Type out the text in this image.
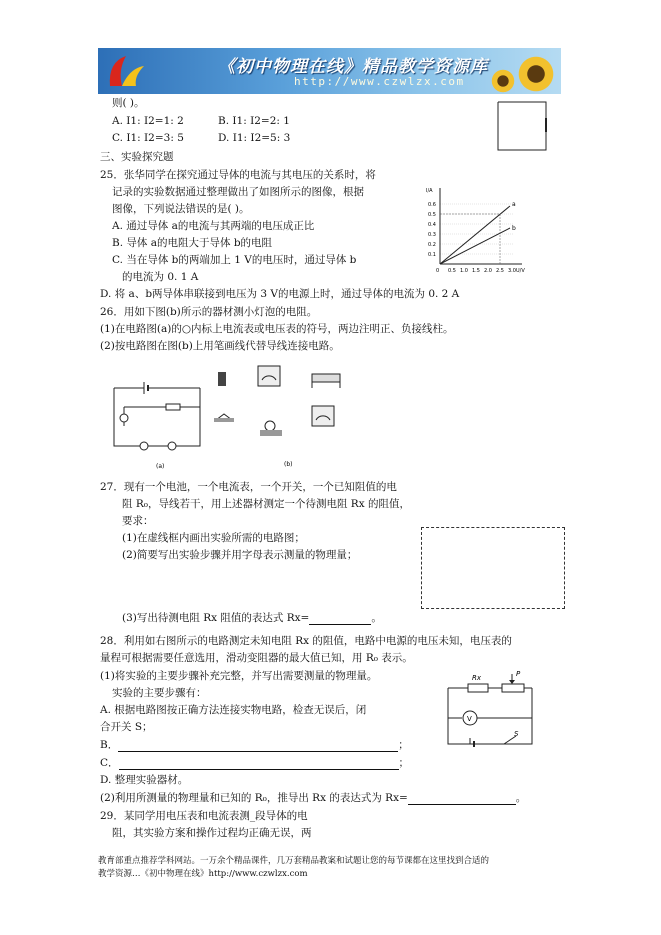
《初中物理在线》精品教学资源库
http://www.czwlzx.com
则( )。
A. I1: I2=1: 2	B. I1: I2=2: 1
C. I1: I2=3: 5	D. I1: I2=5: 3
三、实验探究题
25．张华同学在探究通过导体的电流与其电压的关系时，将
记录的实验数据通过整理做出了如图所示的图像，根据
图像，下列说法错误的是( )。
A. 通过导体 a的电流与其两端的电压成正比
B. 导体 a的电阻大于导体 b的电阻
C. 当在导体 b的两端加上 1 V的电压时，通过导体 b
的电流为 0. 1 A
D. 将 a、b两导体串联接到电压为 3 V的电源上时，通过导体的电流为 0. 2 A
I/A
U/V
0.6
0.5
0.4
0.3
0.2
0.1
0 0.5 1.0 1.5 2.0 2.5 3.0
a
b
26．用如下图(b)所示的器材测小灯泡的电阻。
(1)在电路图(a)的○内标上电流表或电压表的符号，两边注明正、负接线柱。
(2)按电路图在图(b)上用笔画线代替导线连接电路。
(a)	(b)
27．现有一个电池，一个电流表，一个开关，一个已知阻值的电
阻 R₀，导线若干，用上述器材测定一个待测电阻 Rx 的阻值，
要求：
(1)在虚线框内画出实验所需的电路图；
(2)简要写出实验步骤并用字母表示测量的物理量；
(3)写出待测电阻 Rx 阻值的表达式 Rx=	。
28．利用如右图所示的电路测定未知电阻 Rx 的阻值，电路中电源的电压未知，电压表的
量程可根据需要任意选用，滑动变阻器的最大值已知，用 R₀ 表示。
(1)将实验的主要步骤补充完整，并写出需要测量的物理量。
实验的主要步骤有：
A. 根据电路图按正确方法连接实物电路，检查无误后，闭
合开关 S；
B．	；
C．	；
D. 整理实验器材。
(2)利用所测量的物理量和已知的 R₀，推导出 Rx 的表达式为 Rx=	。
Rx	P
V
S
29．某同学用电压表和电流表测_段导体的电
阻，其实验方案和操作过程均正确无误，两
教育部重点推荐学科网站。一万余个精品课件，几万套精品教案和试题让您的每节课都在这里找到合适的
教学资源…《初中物理在线》http://www.czwlzx.com
